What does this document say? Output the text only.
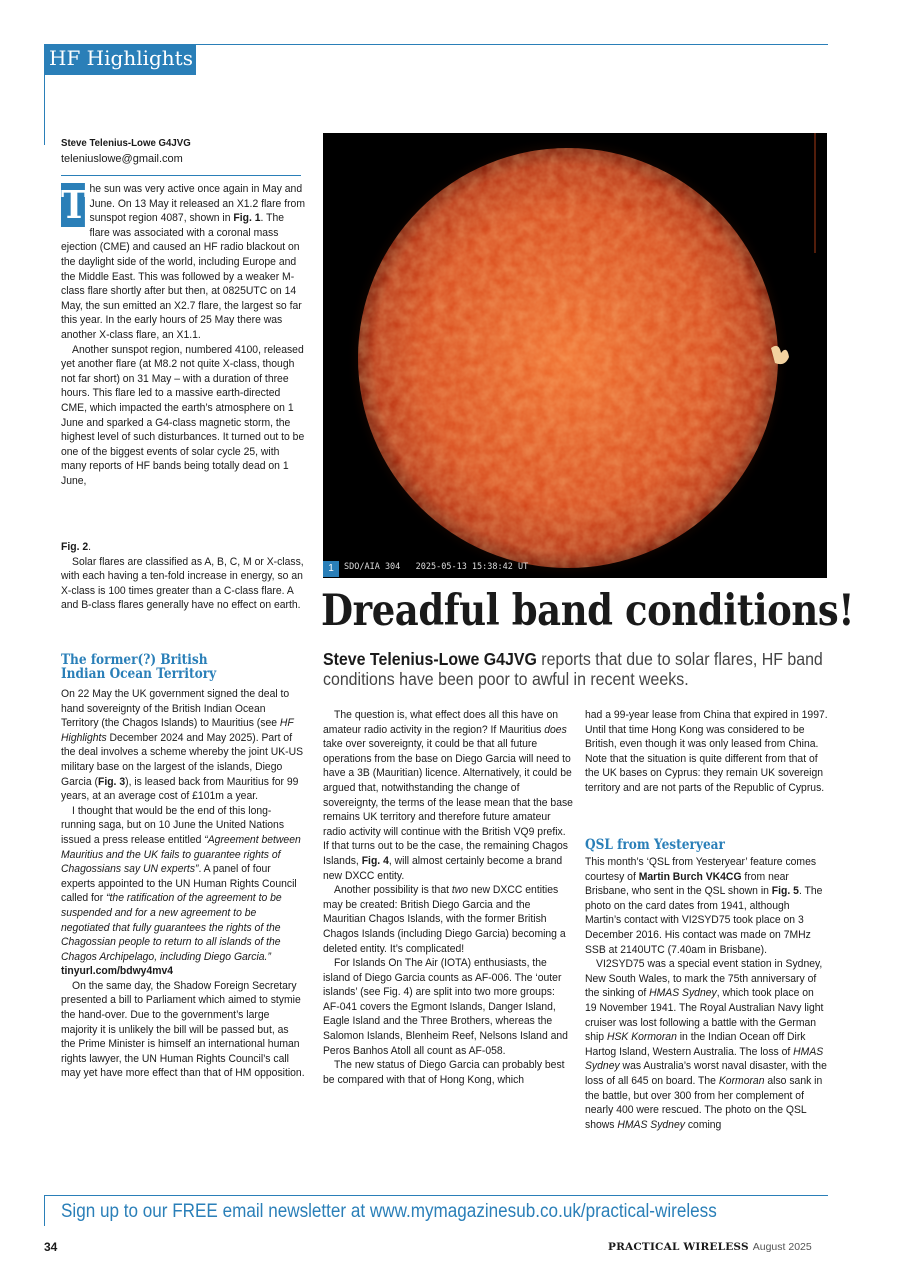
HF Highlights
Steve Telenius-Lowe G4JVG
teleniuslowe@gmail.com

T he sun was very active once again in May and June. On 13 May it released an X1.2 flare from sunspot region 4087, shown in Fig. 1. The flare was associated with a coronal mass ejection (CME) and caused an HF radio blackout on the daylight side of the world, including Europe and the Middle East. This was followed by a weaker M-class flare shortly after but then, at 0825UTC on 14 May, the sun emitted an X2.7 flare, the largest so far this year. In the early hours of 25 May there was another X-class flare, an X1.1.

Another sunspot region, numbered 4100, released yet another flare (at M8.2 not quite X-class, though not far short) on 31 May – with a duration of three hours. This flare led to a massive earth-directed CME, which impacted the earth’s atmosphere on 1 June and sparked a G4-class magnetic storm, the highest level of such disturbances. It turned out to be one of the biggest events of solar cycle 25, with many reports of HF bands being totally dead on 1 June,

Fig. 2.

Solar flares are classified as A, B, C, M or X-class, with each having a ten-fold increase in energy, so an X-class is 100 times greater than a C-class flare. A and B-class flares generally have no effect on earth.

The former(?) British
Indian Ocean Territory

On 22 May the UK government signed the deal to hand sovereignty of the British Indian Ocean Territory (the Chagos Islands) to Mauritius (see HF Highlights December 2024 and May 2025). Part of the deal involves a scheme whereby the joint UK-US military base on the largest of the islands, Diego Garcia (Fig. 3), is leased back from Mauritius for 99 years, at an average cost of £101m a year.

I thought that would be the end of this long-running saga, but on 10 June the United Nations issued a press release entitled “Agreement between Mauritius and the UK fails to guarantee rights of Chagossians say UN experts”. A panel of four experts appointed to the UN Human Rights Council called for “the ratification of the agreement to be suspended and for a new agreement to be negotiated that fully guarantees the rights of the Chagossian people to return to all islands of the Chagos Archipelago, including Diego Garcia.” tinyurl.com/bdwy4mv4

On the same day, the Shadow Foreign Secretary presented a bill to Parliament which aimed to stymie the hand-over. Due to the government’s large majority it is unlikely the bill will be passed but, as the Prime Minister is himself an international human rights lawyer, the UN Human Rights Council’s call may yet have more effect than that of HM opposition.

1	SDO/AIA 304   2025-05-13 15:38:42 UT
Dreadful band conditions!
Steve Telenius-Lowe G4JVG reports that due to solar flares, HF band conditions have been poor to awful in recent weeks.

The question is, what effect does all this have on amateur radio activity in the region? If Mauritius does take over sovereignty, it could be that all future operations from the base on Diego Garcia will need to have a 3B (Mauritian) licence. Alternatively, it could be argued that, notwithstanding the change of sovereignty, the terms of the lease mean that the base remains UK territory and therefore future amateur radio activity will continue with the British VQ9 prefix. If that turns out to be the case, the remaining Chagos Islands, Fig. 4, will almost certainly become a brand new DXCC entity.

Another possibility is that two new DXCC entities may be created: British Diego Garcia and the Mauritian Chagos Islands, with the former British Chagos Islands (including Diego Garcia) becoming a deleted entity. It’s complicated!

For Islands On The Air (IOTA) enthusiasts, the island of Diego Garcia counts as AF-006. The ‘outer islands’ (see Fig. 4) are split into two more groups: AF-041 covers the Egmont Islands, Danger Island, Eagle Island and the Three Brothers, whereas the Salomon Islands, Blenheim Reef, Nelsons Island and Peros Banhos Atoll all count as AF-058.

The new status of Diego Garcia can probably best be compared with that of Hong Kong, which

had a 99-year lease from China that expired in 1997. Until that time Hong Kong was considered to be British, even though it was only leased from China. Note that the situation is quite different from that of the UK bases on Cyprus: they remain UK sovereign territory and are not parts of the Republic of Cyprus.

QSL from Yesteryear

This month’s ‘QSL from Yesteryear’ feature comes courtesy of Martin Burch VK4CG from near Brisbane, who sent in the QSL shown in Fig. 5. The photo on the card dates from 1941, although Martin’s contact with VI2SYD75 took place on 3 December 2016. His contact was made on 7MHz SSB at 2140UTC (7.40am in Brisbane).

VI2SYD75 was a special event station in Sydney, New South Wales, to mark the 75th anniversary of the sinking of HMAS Sydney, which took place on 19 November 1941. The Royal Australian Navy light cruiser was lost following a battle with the German ship HSK Kormoran in the Indian Ocean off Dirk Hartog Island, Western Australia. The loss of HMAS Sydney was Australia’s worst naval disaster, with the loss of all 645 on board. The Kormoran also sank in the battle, but over 300 from her complement of nearly 400 were rescued. The photo on the QSL shows HMAS Sydney coming

Sign up to our FREE email newsletter at www.mymagazinesub.co.uk/practical-wireless
34	PRACTICAL WIRELESS August 2025
